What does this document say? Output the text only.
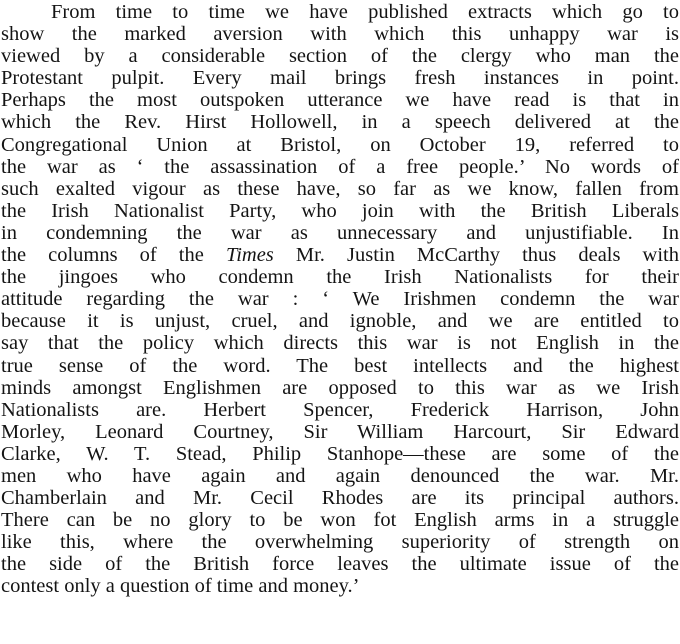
From time to time we have published extracts which go to
show the marked aversion with which this unhappy war is
viewed by a considerable section of the clergy who man the
Protestant pulpit. Every mail brings fresh instances in point.
Perhaps the most outspoken utterance we have read is that in
which the Rev. Hirst Hollowell, in a speech delivered at the
Congregational Union at Bristol, on October 19, referred to
the war as ‘ the assassination of a free people.’ No words of
such exalted vigour as these have, so far as we know, fallen from
the Irish Nationalist Party, who join with the British Liberals
in condemning the war as unnecessary and unjustifiable. In
the columns of the Times Mr. Justin McCarthy thus deals with
the jingoes who condemn the Irish Nationalists for their
attitude regarding the war : ‘ We Irishmen condemn the war
because it is unjust, cruel, and ignoble, and we are entitled to
say that the policy which directs this war is not English in the
true sense of the word. The best intellects and the highest
minds amongst Englishmen are opposed to this war as we Irish
Nationalists are. Herbert Spencer, Frederick Harrison, John
Morley, Leonard Courtney, Sir William Harcourt, Sir Edward
Clarke, W. T. Stead, Philip Stanhope—these are some of the
men who have again and again denounced the war. Mr.
Chamberlain and Mr. Cecil Rhodes are its principal authors.
There can be no glory to be won fot English arms in a struggle
like this, where the overwhelming superiority of strength on
the side of the British force leaves the ultimate issue of the
contest only a question of time and money.’
